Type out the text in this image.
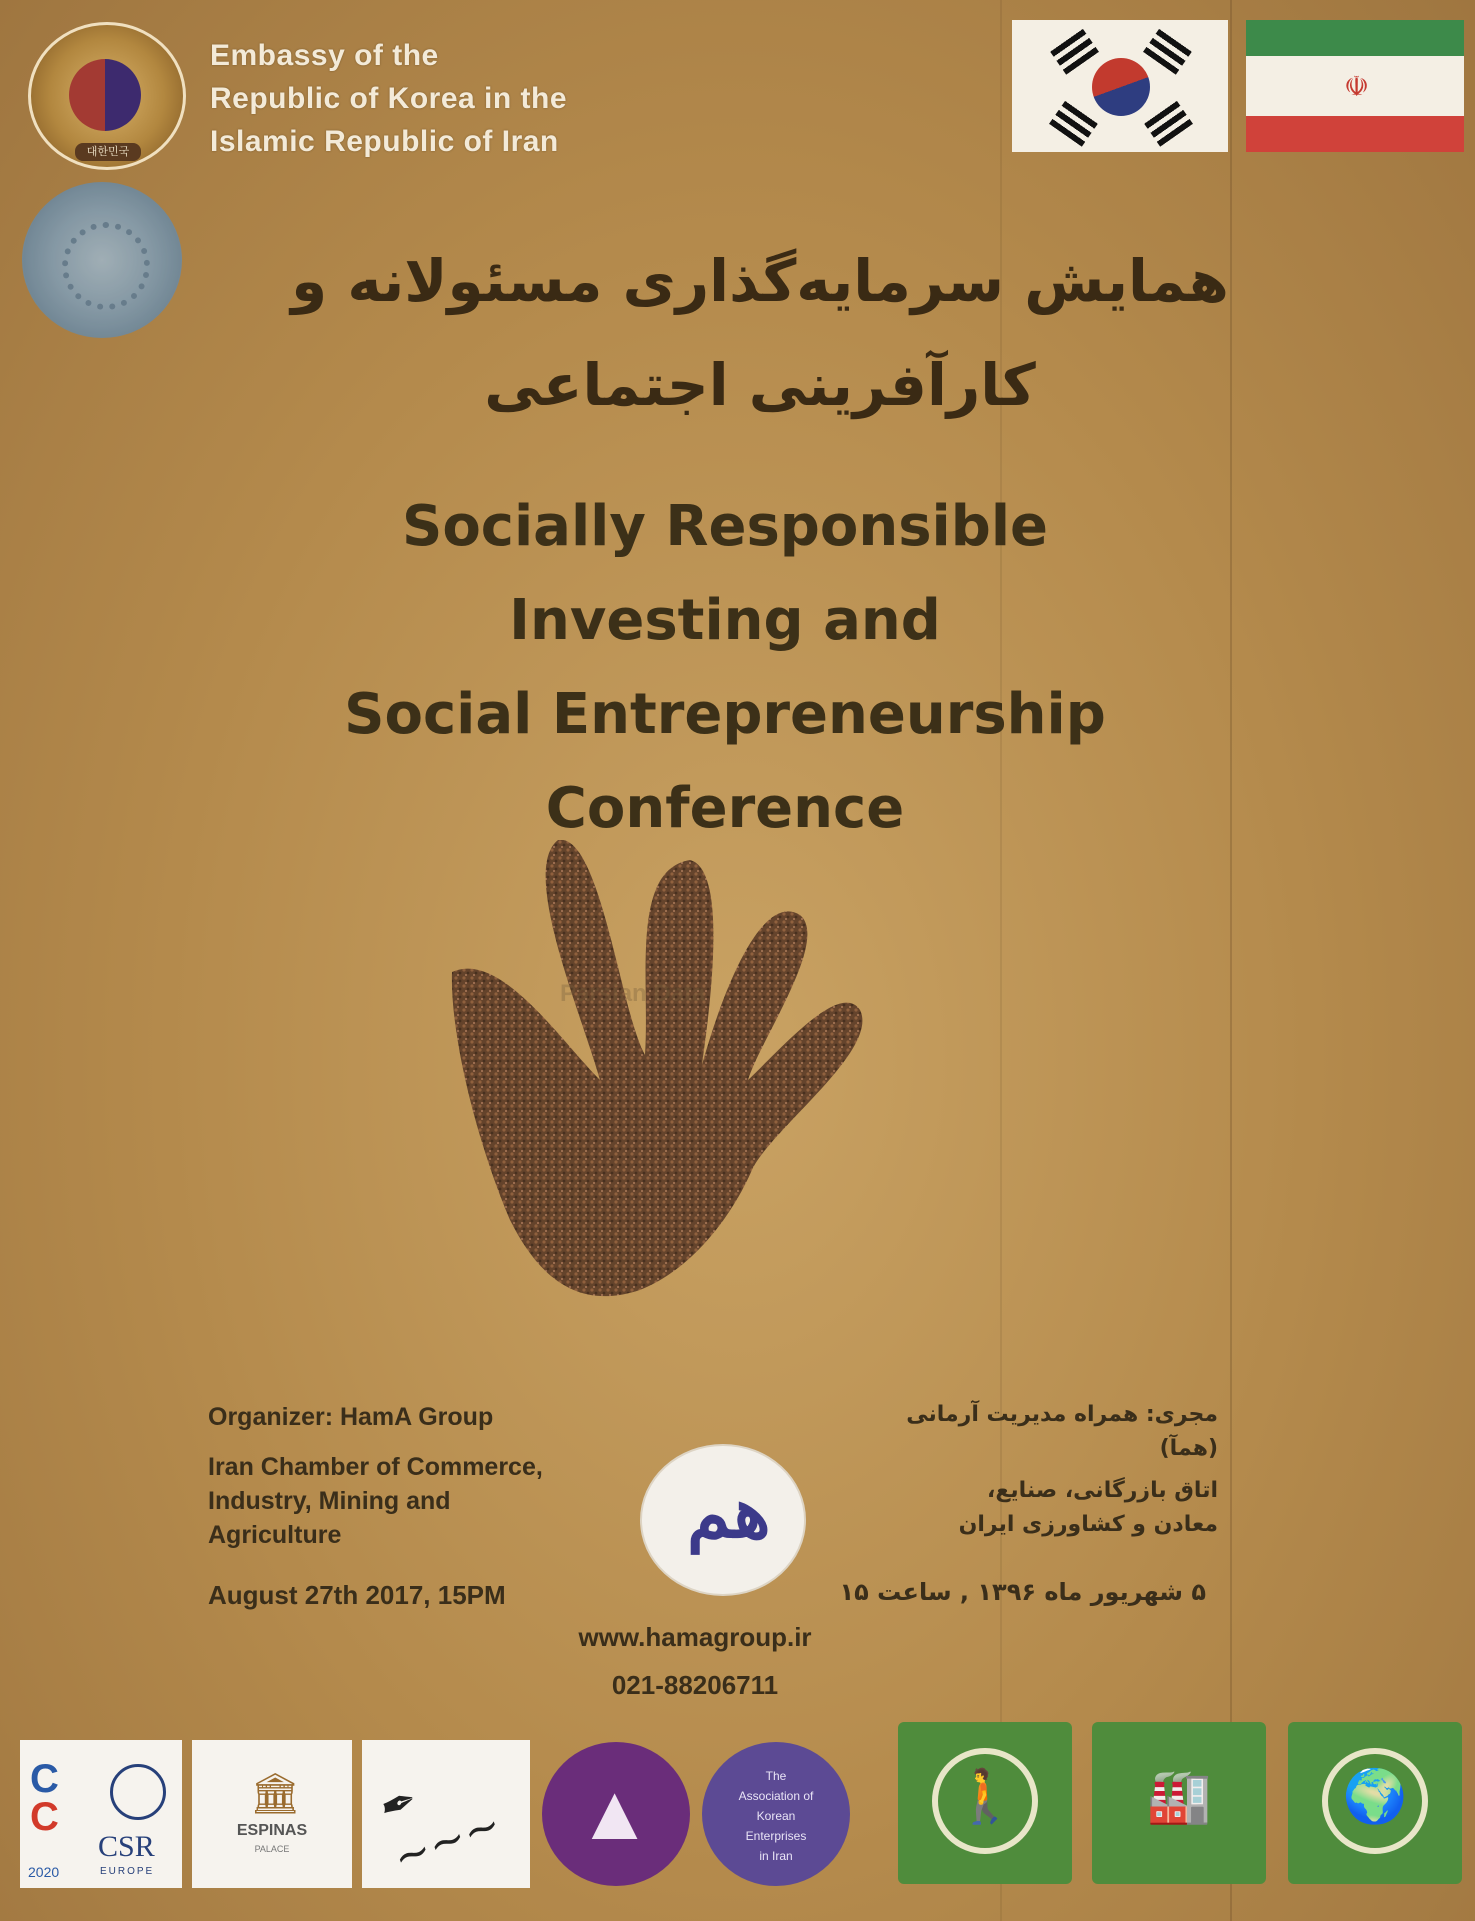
대한민국
Embassy of the
Republic of Korea in the
Islamic Republic of Iran
☫
همایش سرمایه‌گذاری مسئولانه و
کارآفرینی اجتماعی
Socially Responsible
Investing and
Social Entrepreneurship
Conference
Parsian Data
Organizer: HamA Group
Iran Chamber of Commerce,
Industry, Mining and
Agriculture
مجری: همراه مدیریت آرمانی (همآ)
اتاق بازرگانی، صنایع،
معادن و کشاورزی ایران
هم
August 27th 2017, 15PM	۵ شهریور ماه ۱۳۹۶ , ساعت ۱۵
www.hamagroup.ir
021-88206711
C
C
2020
CSR
EUROPE
🏛
ESPINAS
PALACE
✒ ~~~ ▲	The
Association of
Korean
Enterprises
in Iran
🚶	🏭	🌍
